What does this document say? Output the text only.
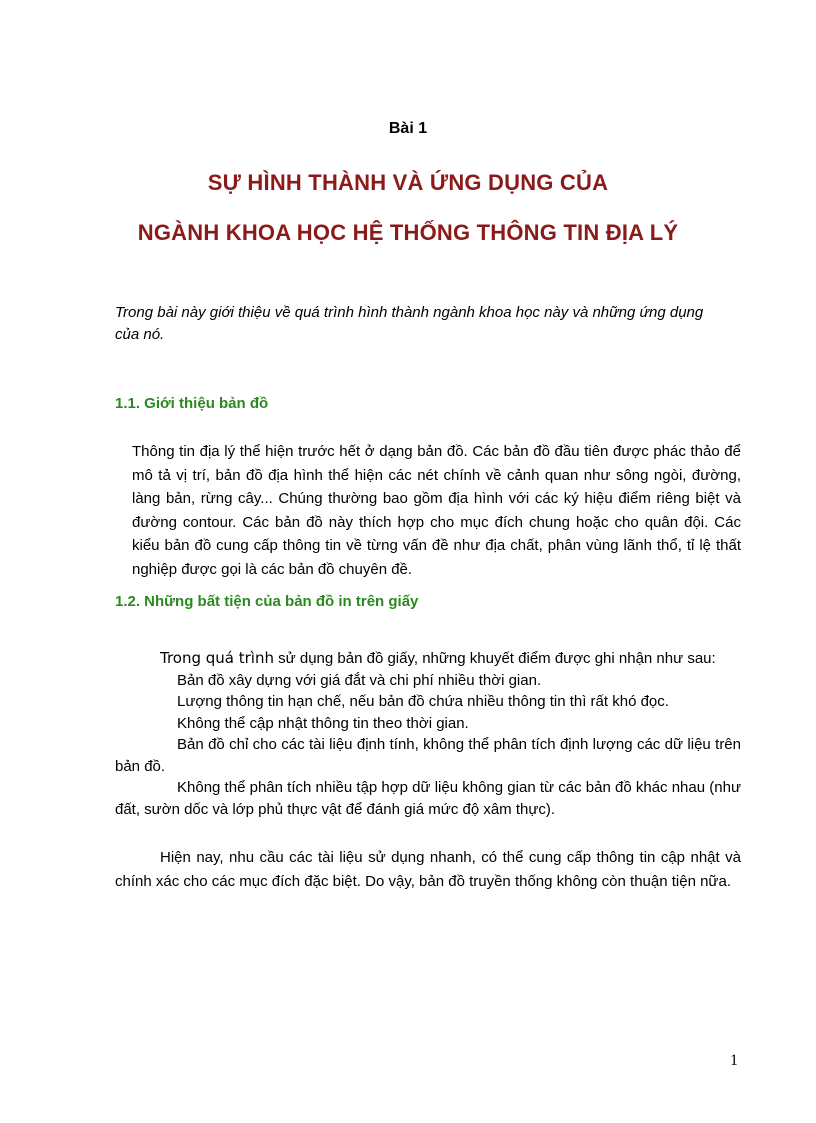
Bài 1
SỰ HÌNH THÀNH VÀ ỨNG DỤNG CỦA
NGÀNH KHOA HỌC HỆ THỐNG THÔNG TIN ĐỊA LÝ
Trong bài này giới thiệu về quá trình hình thành ngành khoa học này và những ứng dụng của nó.
1.1. Giới thiệu bản đồ
Thông tin địa lý thể hiện trước hết ở dạng bản đồ. Các bản đồ đầu tiên được phác thảo để mô tả vị trí, bản đồ địa hình thể hiện các nét chính về cảnh quan như sông ngòi, đường, làng bản, rừng cây... Chúng thường bao gồm địa hình với các ký hiệu điểm riêng biệt và đường contour. Các bản đồ này thích hợp cho mục đích chung hoặc cho quân đội. Các kiểu bản đồ cung cấp thông tin về từng vấn đề như địa chất, phân vùng lãnh thổ, tỉ lệ thất nghiệp được gọi là các bản đồ chuyên đề.
1.2. Những bất tiện của bản đồ in trên giấy
Trong quá trình sử dụng bản đồ giấy, những khuyết điểm được ghi nhận như sau:
Bản đồ xây dựng với giá đắt và chi phí nhiều thời gian.
Lượng thông tin hạn chế, nếu bản đồ chứa nhiều thông tin thì rất khó đọc.
Không thể cập nhật thông tin theo thời gian.
Bản đồ chỉ cho các tài liệu định tính, không thể phân tích định lượng các dữ liệu trên bản đồ.
Không thể phân tích nhiều tập hợp dữ liệu không gian từ các bản đồ khác nhau (như đất, sườn dốc và lớp phủ thực vật để đánh giá mức độ xâm thực).
Hiện nay, nhu cầu các tài liệu sử dụng nhanh, có thể cung cấp thông tin cập nhật và chính xác cho các mục đích đặc biệt. Do vậy, bản đồ truyền thống không còn thuận tiện nữa.
1
